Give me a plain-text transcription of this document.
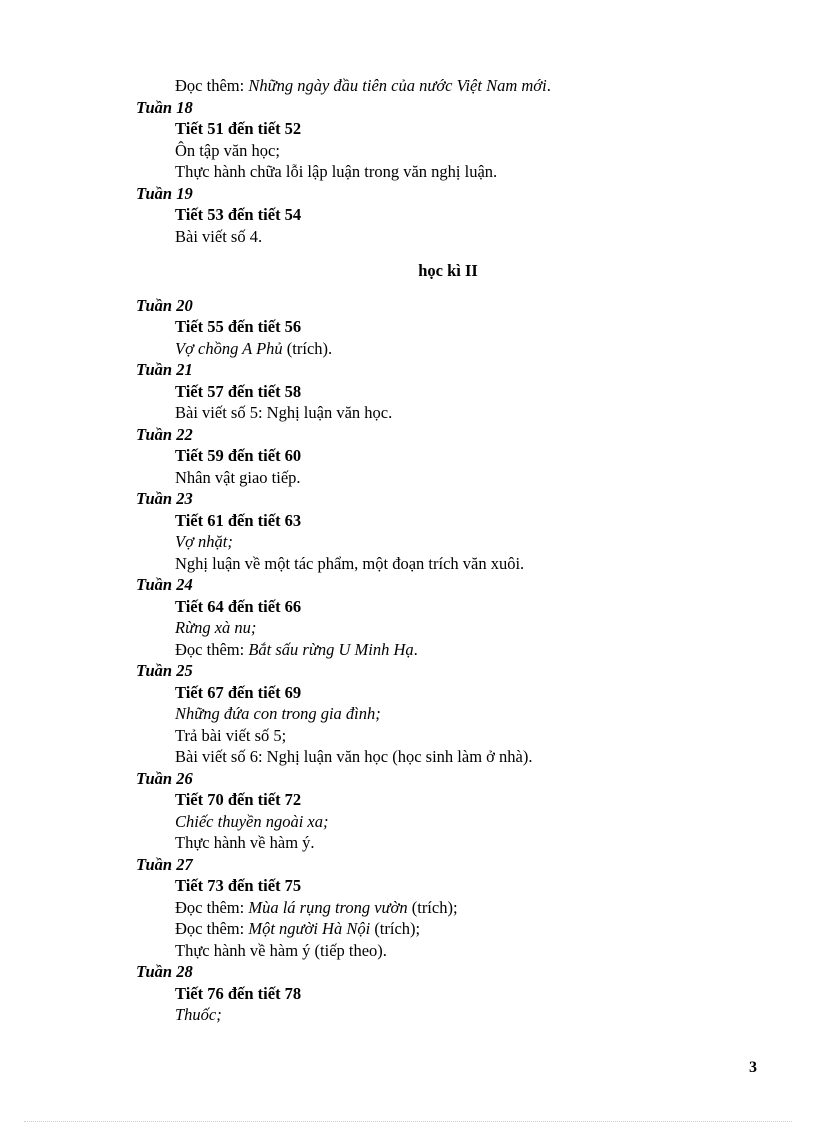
Đọc thêm: Những ngày đầu tiên của nước Việt Nam mới.
Tuần 18
Tiết 51 đến tiết 52
Ôn tập văn học;
Thực hành chữa lỗi lập luận trong văn nghị luận.
Tuần 19
Tiết 53 đến tiết 54
Bài viết số 4.
học kì II
Tuần 20
Tiết 55 đến tiết 56
Vợ chồng A Phủ (trích).
Tuần 21
Tiết 57 đến tiết 58
Bài viết số 5: Nghị luận văn học.
Tuần 22
Tiết 59 đến tiết 60
Nhân vật giao tiếp.
Tuần 23
Tiết 61 đến tiết 63
Vợ nhặt;
Nghị luận về một tác phẩm, một đoạn trích văn xuôi.
Tuần 24
Tiết 64 đến tiết 66
Rừng xà nu;
Đọc thêm: Bắt sấu rừng U Minh Hạ.
Tuần 25
Tiết 67 đến tiết 69
Những đứa con trong gia đình;
Trả bài viết số 5;
Bài viết số 6: Nghị luận văn học (học sinh làm ở nhà).
Tuần 26
Tiết 70 đến tiết 72
Chiếc thuyền ngoài xa;
Thực hành về hàm ý.
Tuần 27
Tiết 73 đến tiết 75
Đọc thêm: Mùa lá rụng trong vườn (trích);
Đọc thêm: Một người Hà Nội (trích);
Thực hành về hàm ý (tiếp theo).
Tuần 28
Tiết 76 đến tiết 78
Thuốc;
3
